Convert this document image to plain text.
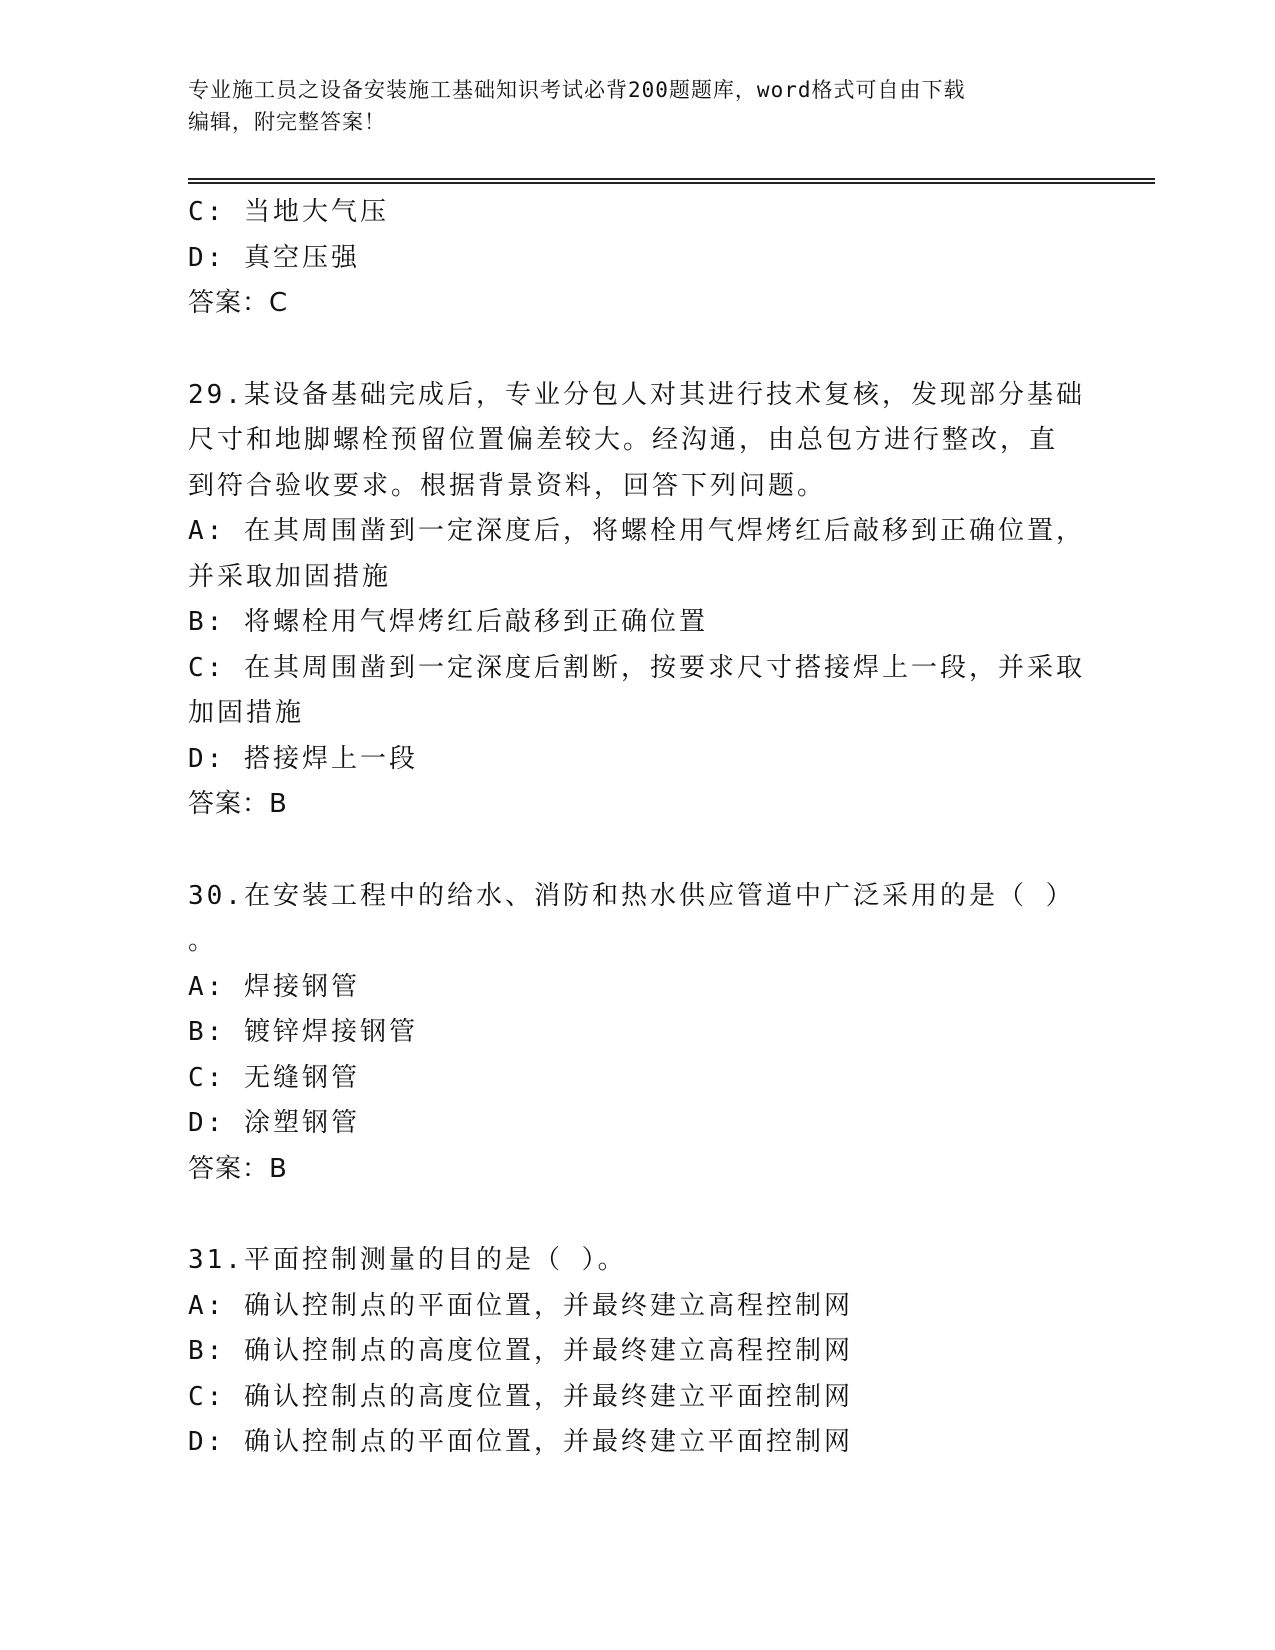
专业施工员之设备安装施工基础知识考试必背200题题库，word格式可自由下载
编辑，附完整答案！
C: 当地大气压
D: 真空压强
答案：C
29.某设备基础完成后，专业分包人对其进行技术复核，发现部分基础
尺寸和地脚螺栓预留位置偏差较大。经沟通，由总包方进行整改，直
到符合验收要求。根据背景资料，回答下列问题。
A: 在其周围凿到一定深度后，将螺栓用气焊烤红后敲移到正确位置，
并采取加固措施
B: 将螺栓用气焊烤红后敲移到正确位置
C: 在其周围凿到一定深度后割断，按要求尺寸搭接焊上一段，并采取
加固措施
D: 搭接焊上一段
答案：B
30.在安装工程中的给水、消防和热水供应管道中广泛采用的是（ ）
。
A: 焊接钢管
B: 镀锌焊接钢管
C: 无缝钢管
D: 涂塑钢管
答案：B
31.平面控制测量的目的是（ ）。
A: 确认控制点的平面位置，并最终建立高程控制网
B: 确认控制点的高度位置，并最终建立高程控制网
C: 确认控制点的高度位置，并最终建立平面控制网
D: 确认控制点的平面位置，并最终建立平面控制网
